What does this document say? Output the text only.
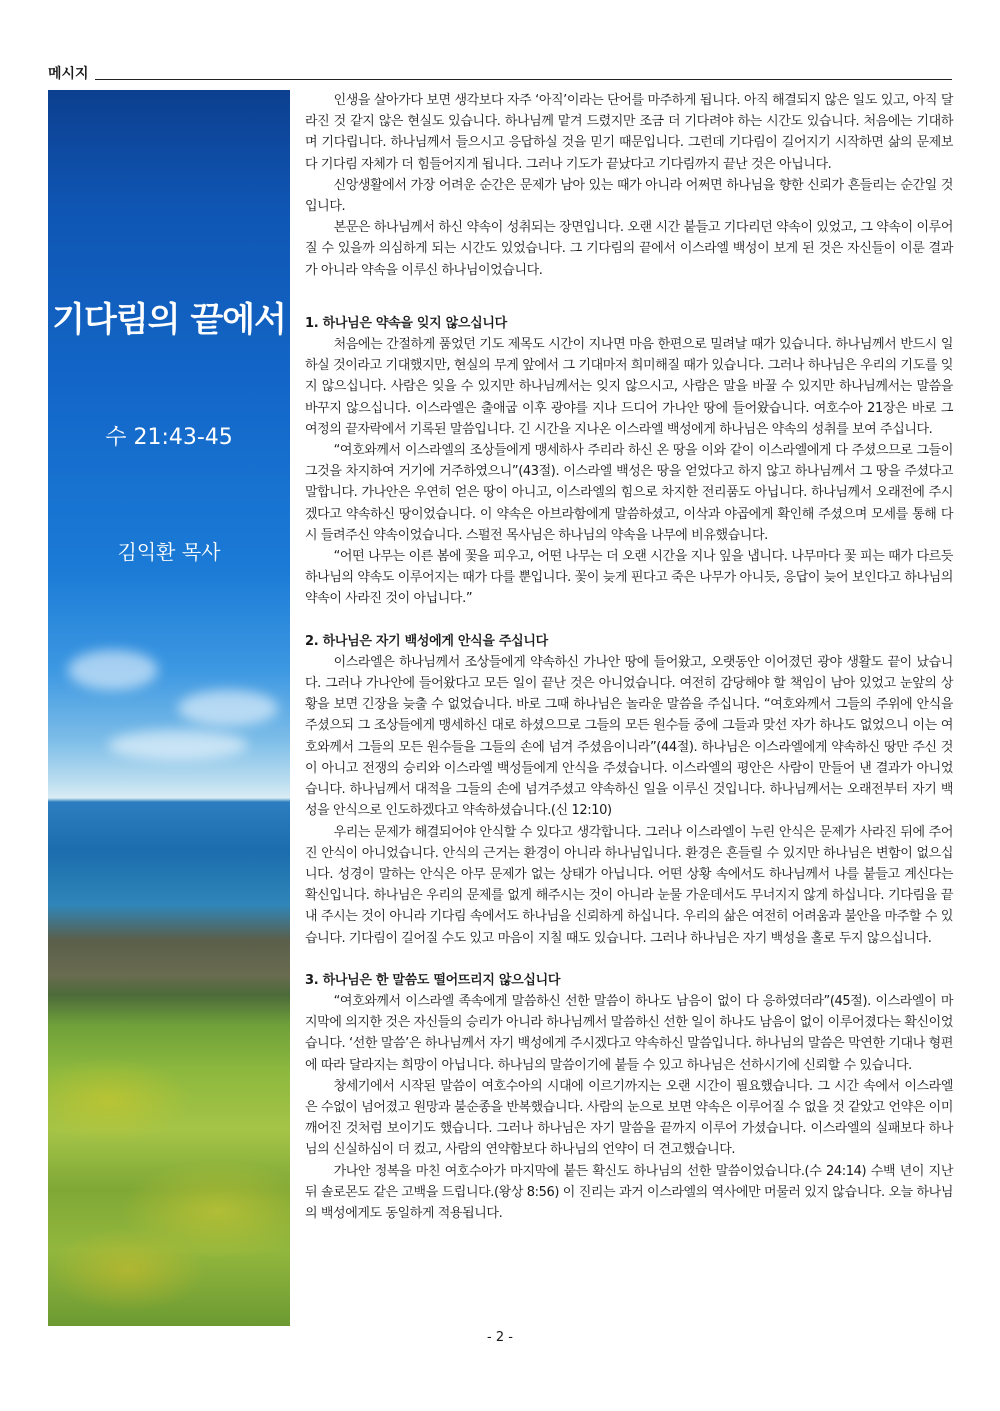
메시지
기다림의 끝에서
수 21:43-45
김익환 목사

인생을 살아가다 보면 생각보다 자주 ‘아직’이라는 단어를 마주하게 됩니다. 아직 해결되지 않은 일도 있고, 아직 달라진 것 같지 않은 현실도 있습니다. 하나님께 맡겨 드렸지만 조금 더 기다려야 하는 시간도 있습니다. 처음에는 기대하며 기다립니다. 하나님께서 들으시고 응답하실 것을 믿기 때문입니다. 그런데 기다림이 길어지기 시작하면 삶의 문제보다 기다림 자체가 더 힘들어지게 됩니다. 그러나 기도가 끝났다고 기다림까지 끝난 것은 아닙니다.

신앙생활에서 가장 어려운 순간은 문제가 남아 있는 때가 아니라 어쩌면 하나님을 향한 신뢰가 흔들리는 순간일 것입니다.

본문은 하나님께서 하신 약속이 성취되는 장면입니다. 오랜 시간 붙들고 기다리던 약속이 있었고, 그 약속이 이루어질 수 있을까 의심하게 되는 시간도 있었습니다. 그 기다림의 끝에서 이스라엘 백성이 보게 된 것은 자신들이 이룬 결과가 아니라 약속을 이루신 하나님이었습니다.

1. 하나님은 약속을 잊지 않으십니다

처음에는 간절하게 품었던 기도 제목도 시간이 지나면 마음 한편으로 밀려날 때가 있습니다. 하나님께서 반드시 일하실 것이라고 기대했지만, 현실의 무게 앞에서 그 기대마저 희미해질 때가 있습니다. 그러나 하나님은 우리의 기도를 잊지 않으십니다. 사람은 잊을 수 있지만 하나님께서는 잊지 않으시고, 사람은 말을 바꿀 수 있지만 하나님께서는 말씀을 바꾸지 않으십니다. 이스라엘은 출애굽 이후 광야를 지나 드디어 가나안 땅에 들어왔습니다. 여호수아 21장은 바로 그 여정의 끝자락에서 기록된 말씀입니다. 긴 시간을 지나온 이스라엘 백성에게 하나님은 약속의 성취를 보여 주십니다.

“여호와께서 이스라엘의 조상들에게 맹세하사 주리라 하신 온 땅을 이와 같이 이스라엘에게 다 주셨으므로 그들이 그것을 차지하여 거기에 거주하였으니”(43절). 이스라엘 백성은 땅을 얻었다고 하지 않고 하나님께서 그 땅을 주셨다고 말합니다. 가나안은 우연히 얻은 땅이 아니고, 이스라엘의 힘으로 차지한 전리품도 아닙니다. 하나님께서 오래전에 주시겠다고 약속하신 땅이었습니다. 이 약속은 아브라함에게 말씀하셨고, 이삭과 야곱에게 확인해 주셨으며 모세를 통해 다시 들려주신 약속이었습니다. 스펄전 목사님은 하나님의 약속을 나무에 비유했습니다.

“어떤 나무는 이른 봄에 꽃을 피우고, 어떤 나무는 더 오랜 시간을 지나 잎을 냅니다. 나무마다 꽃 피는 때가 다르듯 하나님의 약속도 이루어지는 때가 다를 뿐입니다. 꽃이 늦게 핀다고 죽은 나무가 아니듯, 응답이 늦어 보인다고 하나님의 약속이 사라진 것이 아닙니다.”

2. 하나님은 자기 백성에게 안식을 주십니다

이스라엘은 하나님께서 조상들에게 약속하신 가나안 땅에 들어왔고, 오랫동안 이어졌던 광야 생활도 끝이 났습니다. 그러나 가나안에 들어왔다고 모든 일이 끝난 것은 아니었습니다. 여전히 감당해야 할 책임이 남아 있었고 눈앞의 상황을 보면 긴장을 늦출 수 없었습니다. 바로 그때 하나님은 놀라운 말씀을 주십니다. “여호와께서 그들의 주위에 안식을 주셨으되 그 조상들에게 맹세하신 대로 하셨으므로 그들의 모든 원수들 중에 그들과 맞선 자가 하나도 없었으니 이는 여호와께서 그들의 모든 원수들을 그들의 손에 넘겨 주셨음이니라”(44절). 하나님은 이스라엘에게 약속하신 땅만 주신 것이 아니고 전쟁의 승리와 이스라엘 백성들에게 안식을 주셨습니다. 이스라엘의 평안은 사람이 만들어 낸 결과가 아니었습니다. 하나님께서 대적을 그들의 손에 넘겨주셨고 약속하신 일을 이루신 것입니다. 하나님께서는 오래전부터 자기 백성을 안식으로 인도하겠다고 약속하셨습니다.(신 12:10)

우리는 문제가 해결되어야 안식할 수 있다고 생각합니다. 그러나 이스라엘이 누린 안식은 문제가 사라진 뒤에 주어진 안식이 아니었습니다. 안식의 근거는 환경이 아니라 하나님입니다. 환경은 흔들릴 수 있지만 하나님은 변함이 없으십니다. 성경이 말하는 안식은 아무 문제가 없는 상태가 아닙니다. 어떤 상황 속에서도 하나님께서 나를 붙들고 계신다는 확신입니다. 하나님은 우리의 문제를 없게 해주시는 것이 아니라 눈물 가운데서도 무너지지 않게 하십니다. 기다림을 끝내 주시는 것이 아니라 기다림 속에서도 하나님을 신뢰하게 하십니다. 우리의 삶은 여전히 어려움과 불안을 마주할 수 있습니다. 기다림이 길어질 수도 있고 마음이 지칠 때도 있습니다. 그러나 하나님은 자기 백성을 홀로 두지 않으십니다.

3. 하나님은 한 말씀도 떨어뜨리지 않으십니다

“여호와께서 이스라엘 족속에게 말씀하신 선한 말씀이 하나도 남음이 없이 다 응하였더라”(45절). 이스라엘이 마지막에 의지한 것은 자신들의 승리가 아니라 하나님께서 말씀하신 선한 일이 하나도 남음이 없이 이루어졌다는 확신이었습니다. ‘선한 말씀’은 하나님께서 자기 백성에게 주시겠다고 약속하신 말씀입니다. 하나님의 말씀은 막연한 기대나 형편에 따라 달라지는 희망이 아닙니다. 하나님의 말씀이기에 붙들 수 있고 하나님은 선하시기에 신뢰할 수 있습니다.

창세기에서 시작된 말씀이 여호수아의 시대에 이르기까지는 오랜 시간이 필요했습니다. 그 시간 속에서 이스라엘은 수없이 넘어졌고 원망과 불순종을 반복했습니다. 사람의 눈으로 보면 약속은 이루어질 수 없을 것 같았고 언약은 이미 깨어진 것처럼 보이기도 했습니다. 그러나 하나님은 자기 말씀을 끝까지 이루어 가셨습니다. 이스라엘의 실패보다 하나님의 신실하심이 더 컸고, 사람의 연약함보다 하나님의 언약이 더 견고했습니다.

가나안 정복을 마친 여호수아가 마지막에 붙든 확신도 하나님의 선한 말씀이었습니다.(수 24:14) 수백 년이 지난 뒤 솔로몬도 같은 고백을 드립니다.(왕상 8:56) 이 진리는 과거 이스라엘의 역사에만 머물러 있지 않습니다. 오늘 하나님의 백성에게도 동일하게 적용됩니다.

- 2 -
